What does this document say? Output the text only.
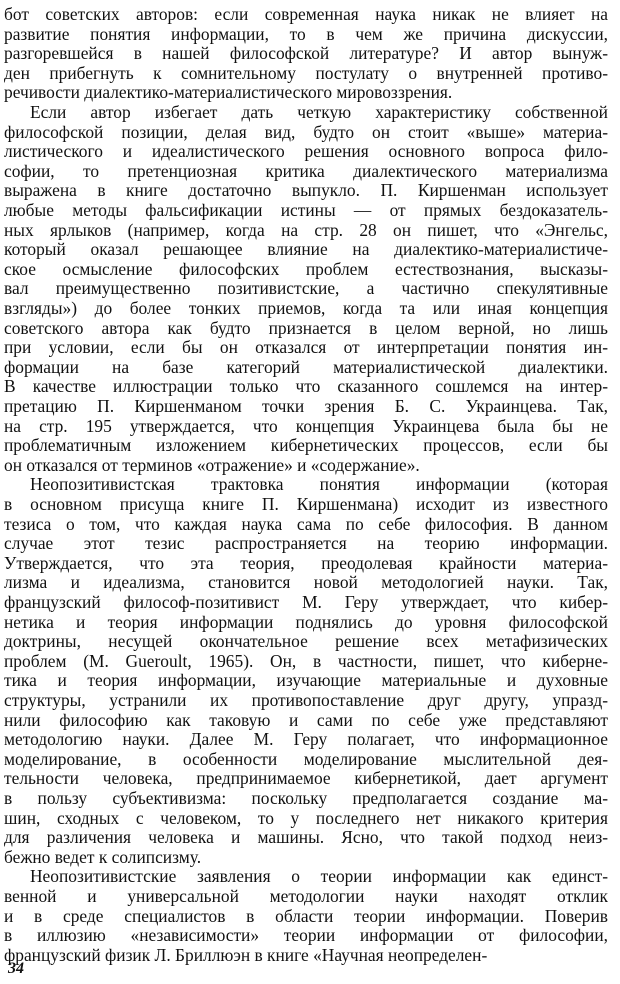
бот советских авторов: если современная наука никак не влияет на
развитие понятия информации, то в чем же причина дискуссии,
разгоревшейся в нашей философской литературе? И автор вынуж-
ден прибегнуть к сомнительному постулату о внутренней противо-
речивости диалектико-материалистического мировоззрения.
Если автор избегает дать четкую характеристику собственной
философской позиции, делая вид, будто он стоит «выше» материа-
листического и идеалистического решения основного вопроса фило-
софии, то претенциозная критика диалектического материализма
выражена в книге достаточно выпукло. П. Киршенман использует
любые методы фальсификации истины — от прямых бездоказатель-
ных ярлыков (например, когда на стр. 28 он пишет, что «Энгельс,
который оказал решающее влияние на диалектико-материалистиче-
ское осмысление философских проблем естествознания, высказы-
вал преимущественно позитивистские, а частично спекулятивные
взгляды») до более тонких приемов, когда та или иная концепция
советского автора как будто признается в целом верной, но лишь
при условии, если бы он отказался от интерпретации понятия ин-
формации на базе категорий материалистической диалектики.
В качестве иллюстрации только что сказанного сошлемся на интер-
претацию П. Киршенманом точки зрения Б. С. Украинцева. Так,
на стр. 195 утверждается, что концепция Украинцева была бы не
проблематичным изложением кибернетических процессов, если бы
он отказался от терминов «отражение» и «содержание».
Неопозитивистская трактовка понятия информации (которая
в основном присуща книге П. Киршенмана) исходит из известного
тезиса о том, что каждая наука сама по себе философия. В данном
случае этот тезис распространяется на теорию информации.
Утверждается, что эта теория, преодолевая крайности материа-
лизма и идеализма, становится новой методологией науки. Так,
французский философ-позитивист М. Геру утверждает, что кибер-
нетика и теория информации поднялись до уровня философской
доктрины, несущей окончательное решение всех метафизических
проблем (M. Gueroult, 1965). Он, в частности, пишет, что киберне-
тика и теория информации, изучающие материальные и духовные
структуры, устранили их противопоставление друг другу, упразд-
нили философию как таковую и сами по себе уже представляют
методологию науки. Далее М. Геру полагает, что информационное
моделирование, в особенности моделирование мыслительной дея-
тельности человека, предпринимаемое кибернетикой, дает аргумент
в пользу субъективизма: поскольку предполагается создание ма-
шин, сходных с человеком, то у последнего нет никакого критерия
для различения человека и машины. Ясно, что такой подход неиз-
бежно ведет к солипсизму.
Неопозитивистские заявления о теории информации как единст-
венной и универсальной методологии науки находят отклик
и в среде специалистов в области теории информации. Поверив
в иллюзию «независимости» теории информации от философии,
французский физик Л. Бриллюэн в книге «Научная неопределен-
34
